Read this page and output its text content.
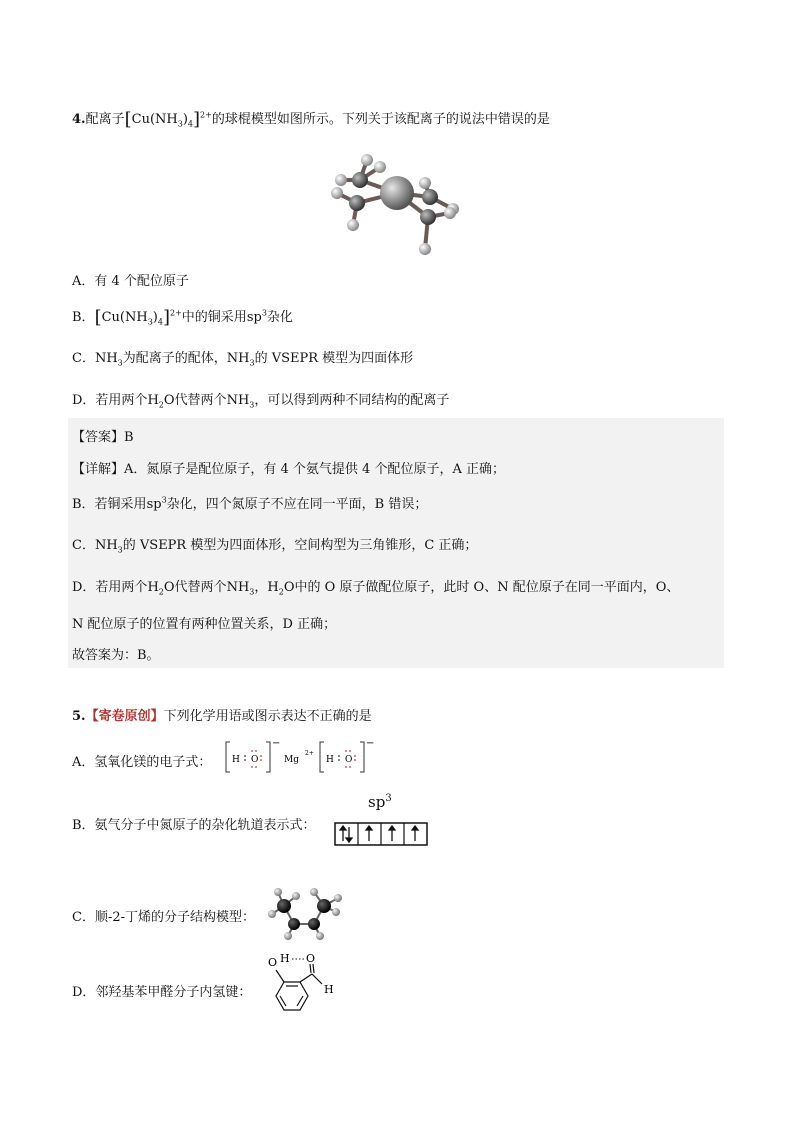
4.配离子$[Cu(NH_3)_4]^{2+}$的球棍模型如图所示。下列关于该配离子的说法中错误的是
A．有 4 个配位原子
B．$[Cu(NH_3)_4]^{2+}$中的铜采用$sp^3$杂化
C．$NH_3$为配离子的配体，$NH_3$的 VSEPR 模型为四面体形
D．若用两个$H_2O$代替两个$NH_3$，可以得到两种不同结构的配离子
【答案】B
【详解】A．氮原子是配位原子，有 4 个氨气提供 4 个配位原子，A 正确；
B．若铜采用$sp^3$杂化，四个氮原子不应在同一平面，B 错误；
C．$NH_3$的 VSEPR 模型为四面体形，空间构型为三角锥形，C 正确；
D．若用两个$H_2O$代替两个$NH_3$，$H_2O$中的 O 原子做配位原子，此时 O、N 配位原子在同一平面内，O、
N 配位原子的位置有两种位置关系，D 正确；
故答案为：B。
5.【寄卷原创】下列化学用语或图示表达不正确的是
A．氢氧化镁的电子式： H O
−
Mg
2+
H O
−
B．氨气分子中氮原子的杂化轨道表示式：
$sp^3$
C．顺-2-丁烯的分子结构模型：
D．邻羟基苯甲醛分子内氢键：
O H O
H
